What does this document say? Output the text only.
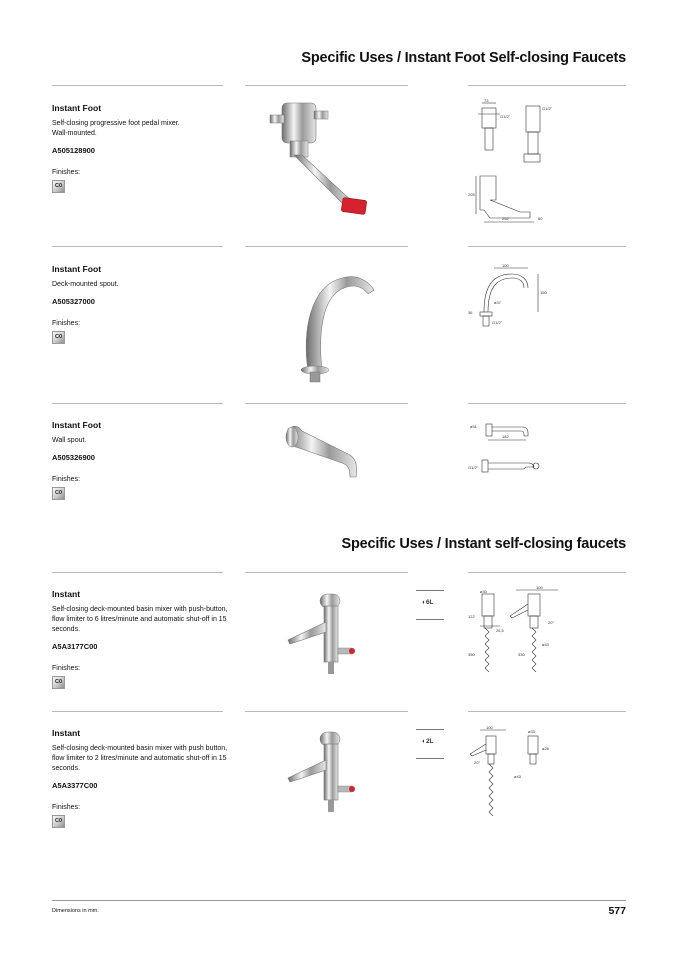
Specific Uses / Instant Foot Self-closing Faucets
Instant Foot
Self-closing progressive foot pedal mixer.
Wall-mounted.
A505128900
Finishes:
C0
73
205
252	60
G1/2"
G1/2"
Instant Foot
Deck-mounted spout.
A505327000
Finishes:
C0
100
150
ø37
36
G1/2"
Instant Foot
Wall spout.
A505326900
Finishes:
C0
ø51
182
G1/2"
Specific Uses / Instant self-closing faucets
Instant
Self-closing deck-mounted basin mixer with push-button, flow limiter to 6 litres/minute and automatic shut-off in 15 seconds.
A5A3177C00
Finishes:
C0
◐6L
ø30
122
26,5
350
100
20°
ø43
330
Instant
Self-closing deck-mounted basin mixer with push button, flow limiter to 2 litres/minute and automatic shut-off in 15 seconds.
A5A3377C00
Finishes:
C0
◐2L
100
ø33
ø26
20°
ø43
Dimensions in mm.	577
